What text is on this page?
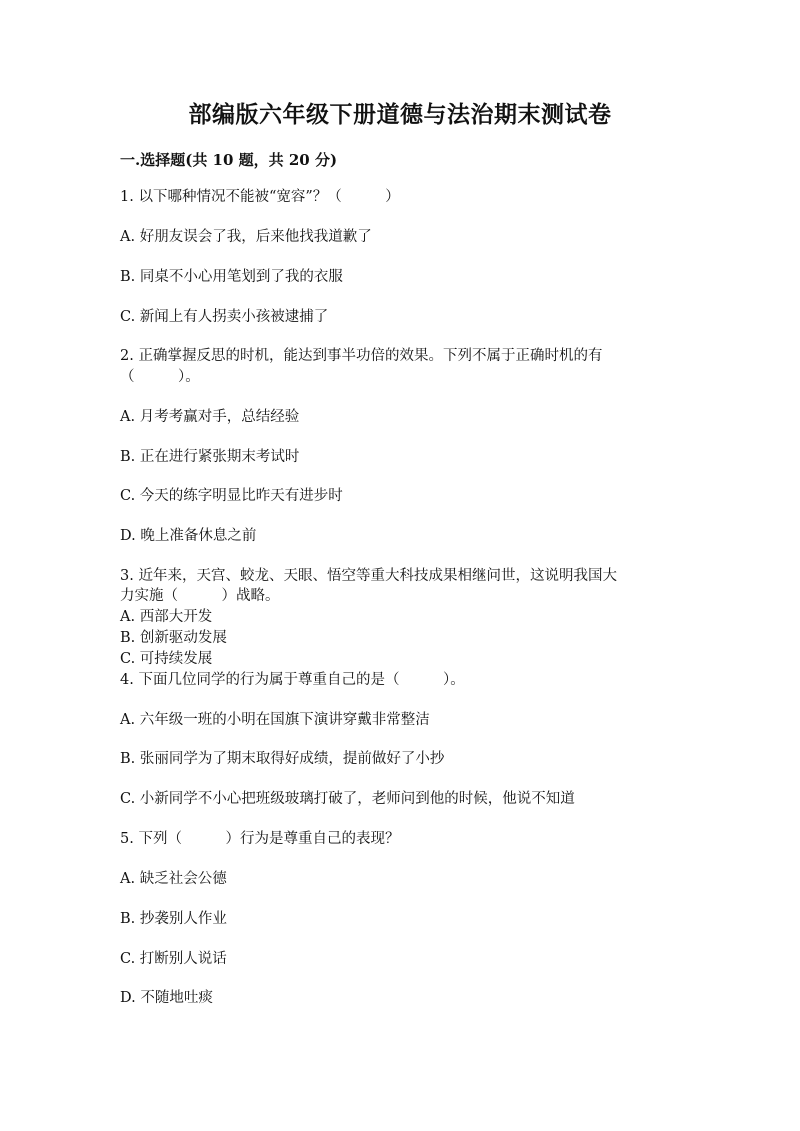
部编版六年级下册道德与法治期末测试卷
一.选择题(共 10 题，共 20 分)
1. 以下哪种情况不能被“宽容”？（　　　）
A. 好朋友误会了我，后来他找我道歉了
B. 同桌不小心用笔划到了我的衣服
C. 新闻上有人拐卖小孩被逮捕了
2. 正确掌握反思的时机，能达到事半功倍的效果。下列不属于正确时机的有
（　　　）。
A. 月考考赢对手，总结经验
B. 正在进行紧张期末考试时
C. 今天的练字明显比昨天有进步时
D. 晚上准备休息之前
3. 近年来，天宫、蛟龙、天眼、悟空等重大科技成果相继问世，这说明我国大
力实施（　　　）战略。
A. 西部大开发
B. 创新驱动发展
C. 可持续发展
4. 下面几位同学的行为属于尊重自己的是（　　　）。
A. 六年级一班的小明在国旗下演讲穿戴非常整洁
B. 张丽同学为了期末取得好成绩，提前做好了小抄
C. 小新同学不小心把班级玻璃打破了，老师问到他的时候，他说不知道
5. 下列（　　　）行为是尊重自己的表现？
A. 缺乏社会公德
B. 抄袭别人作业
C. 打断别人说话
D. 不随地吐痰
